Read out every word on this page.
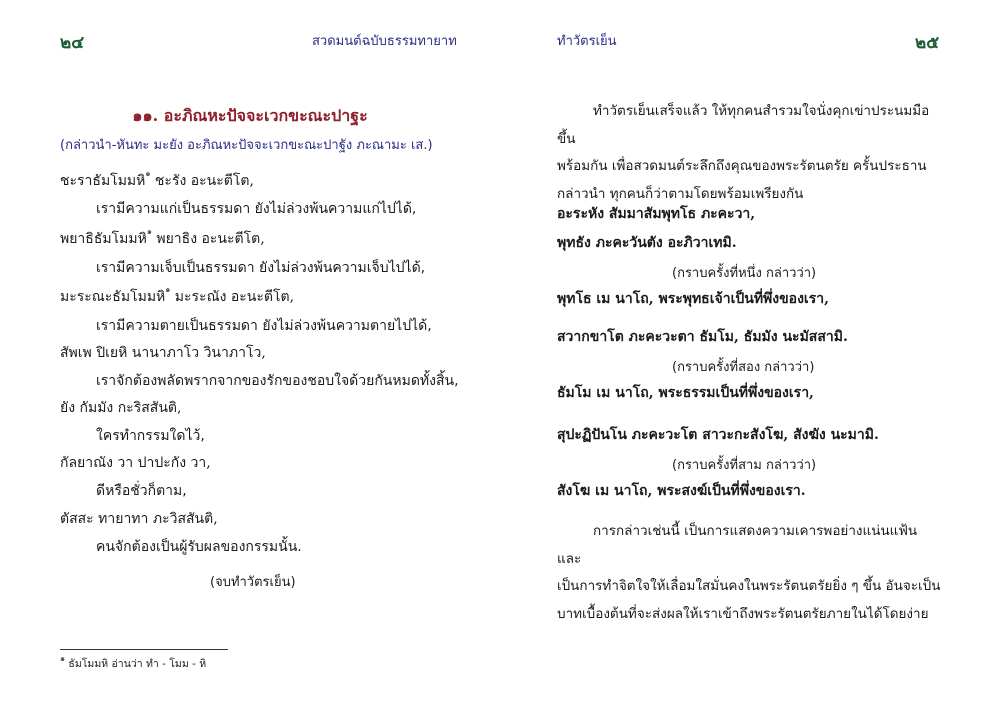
๒๔	สวดมนต์ฉบับธรรมทายาท
๑๑. อะภิณหะปัจจะเวกขะณะปาฐะ
(กล่าวนำ-หันทะ มะยัง อะภิณหะปัจจะเวกขะณะปาฐัง ภะณามะ เส.)
ชะราธัมโมมหิ$^๑$ ชะรัง อะนะตีโต,
เรามีความแก่เป็นธรรมดา ยังไม่ล่วงพ้นความแก่ไปได้,
พยาธิธัมโมมหิ$^๑$ พยาธิง อะนะตีโต,
เรามีความเจ็บเป็นธรรมดา ยังไม่ล่วงพ้นความเจ็บไปได้,
มะระณะธัมโมมหิ$^๑$ มะระณัง อะนะตีโต,
เรามีความตายเป็นธรรมดา ยังไม่ล่วงพ้นความตายไปได้,
สัพเพ ปิเยหิ นานาภาโว วินาภาโว,
เราจักต้องพลัดพรากจากของรักของชอบใจด้วยกันหมดทั้งสิ้น,
ยัง กัมมัง กะริสสันติ,
ใครทำกรรมใดไว้,
กัลยาณัง วา ปาปะกัง วา,
ดีหรือชั่วก็ตาม,
ตัสสะ ทายาทา ภะวิสสันติ,
คนจักต้องเป็นผู้รับผลของกรรมนั้น.
(จบทำวัตรเย็น)
$^๑$ ธัมโมมหิ อ่านว่า ทำ - โมม - หิ
ทำวัตรเย็น	๒๕
ทำวัตรเย็นเสร็จแล้ว ให้ทุกคนสำรวมใจนั่งคุกเข่าประนมมือขึ้น
พร้อมกัน เพื่อสวดมนต์ระลึกถึงคุณของพระรัตนตรัย ครั้นประธาน
กล่าวนำ ทุกคนก็ว่าตามโดยพร้อมเพรียงกัน
อะระหัง สัมมาสัมพุทโธ ภะคะวา,
พุทธัง ภะคะวันตัง อะภิวาเทมิ.
(กราบครั้งที่หนึ่ง กล่าวว่า)
พุทโธ เม นาโถ, พระพุทธเจ้าเป็นที่พึ่งของเรา,
สวากขาโต ภะคะวะตา ธัมโม, ธัมมัง นะมัสสามิ.
(กราบครั้งที่สอง กล่าวว่า)
ธัมโม เม นาโถ, พระธรรมเป็นที่พึ่งของเรา,
สุปะฏิปันโน ภะคะวะโต สาวะกะสังโฆ, สังฆัง นะมามิ.
(กราบครั้งที่สาม กล่าวว่า)
สังโฆ เม นาโถ, พระสงฆ์เป็นที่พึ่งของเรา.
การกล่าวเช่นนี้ เป็นการแสดงความเคารพอย่างแน่นแฟ้น และ
เป็นการทำจิตใจให้เลื่อมใสมั่นคงในพระรัตนตรัยยิ่ง ๆ ขึ้น อันจะเป็น
บาทเบื้องต้นที่จะส่งผลให้เราเข้าถึงพระรัตนตรัยภายในได้โดยง่าย
